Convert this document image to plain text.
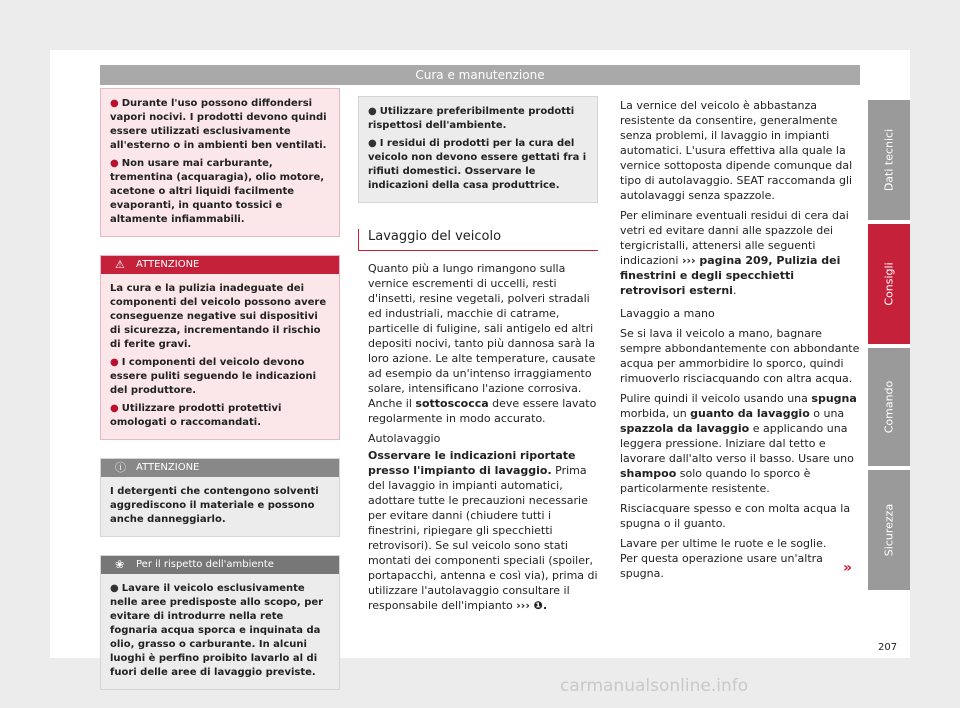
Cura e manutenzione

● Durante l'uso possono diffondersi vapori nocivi. I prodotti devono quindi essere utilizzati esclusivamente all'esterno o in ambienti ben ventilati.

● Non usare mai carburante, trementina (acquaragia), olio motore, acetone o altri liquidi facilmente evaporanti, in quanto tossici e altamente infiammabili.

⚠ ATTENZIONE

La cura e la pulizia inadeguate dei componenti del veicolo possono avere conseguenze negative sui dispositivi di sicurezza, incrementando il rischio di ferite gravi.

● I componenti del veicolo devono essere puliti seguendo le indicazioni del produttore.

● Utilizzare prodotti protettivi omologati o raccomandati.

ⓘ ATTENZIONE

I detergenti che contengono solventi aggrediscono il materiale e possono anche danneggiarlo.

❀ Per il rispetto dell'ambiente

● Lavare il veicolo esclusivamente nelle aree predisposte allo scopo, per evitare di introdurre nella rete fognaria acqua sporca e inquinata da olio, grasso o carburante. In alcuni luoghi è perfino proibito lavarlo al di fuori delle aree di lavaggio previste.

● Utilizzare preferibilmente prodotti rispettosi dell'ambiente.

● I residui di prodotti per la cura del veicolo non devono essere gettati fra i rifiuti domestici. Osservare le indicazioni della casa produttrice.

Lavaggio del veicolo

Quanto più a lungo rimangono sulla vernice escrementi di uccelli, resti d'insetti, resine vegetali, polveri stradali ed industriali, macchie di catrame, particelle di fuligine, sali antigelo ed altri depositi nocivi, tanto più dannosa sarà la loro azione. Le alte temperature, causate ad esempio da un'intenso irraggiamento solare, intensificano l'azione corrosiva. Anche il sottoscocca deve essere lavato regolarmente in modo accurato.

Autolavaggio

Osservare le indicazioni riportate presso l'impianto di lavaggio. Prima del lavaggio in impianti automatici, adottare tutte le precauzioni necessarie per evitare danni (chiudere tutti i finestrini, ripiegare gli specchietti retrovisori). Se sul veicolo sono stati montati dei componenti speciali (spoiler, portapacchi, antenna e così via), prima di utilizzare l'autolavaggio consultare il responsabile dell'impianto ››› ❶.

La vernice del veicolo è abbastanza resistente da consentire, generalmente senza problemi, il lavaggio in impianti automatici. L'usura effettiva alla quale la vernice sottoposta dipende comunque dal tipo di autolavaggio. SEAT raccomanda gli autolavaggi senza spazzole.

Per eliminare eventuali residui di cera dai vetri ed evitare danni alle spazzole dei tergicristalli, attenersi alle seguenti indicazioni ››› pagina 209, Pulizia dei finestrini e degli specchietti retrovisori esterni.

Lavaggio a mano

Se si lava il veicolo a mano, bagnare sempre abbondantemente con abbondante acqua per ammorbidire lo sporco, quindi rimuoverlo risciacquando con altra acqua.

Pulire quindi il veicolo usando una spugna morbida, un guanto da lavaggio o una spazzola da lavaggio e applicando una leggera pressione. Iniziare dal tetto e lavorare dall'alto verso il basso. Usare uno shampoo solo quando lo sporco è particolarmente resistente.

Risciacquare spesso e con molta acqua la spugna o il guanto.

Lavare per ultime le ruote e le soglie. Per questa operazione usare un'altra spugna.	»
Dati tecnici
Consigli
Comando
Sicurezza
207
carmanualsonline.info
